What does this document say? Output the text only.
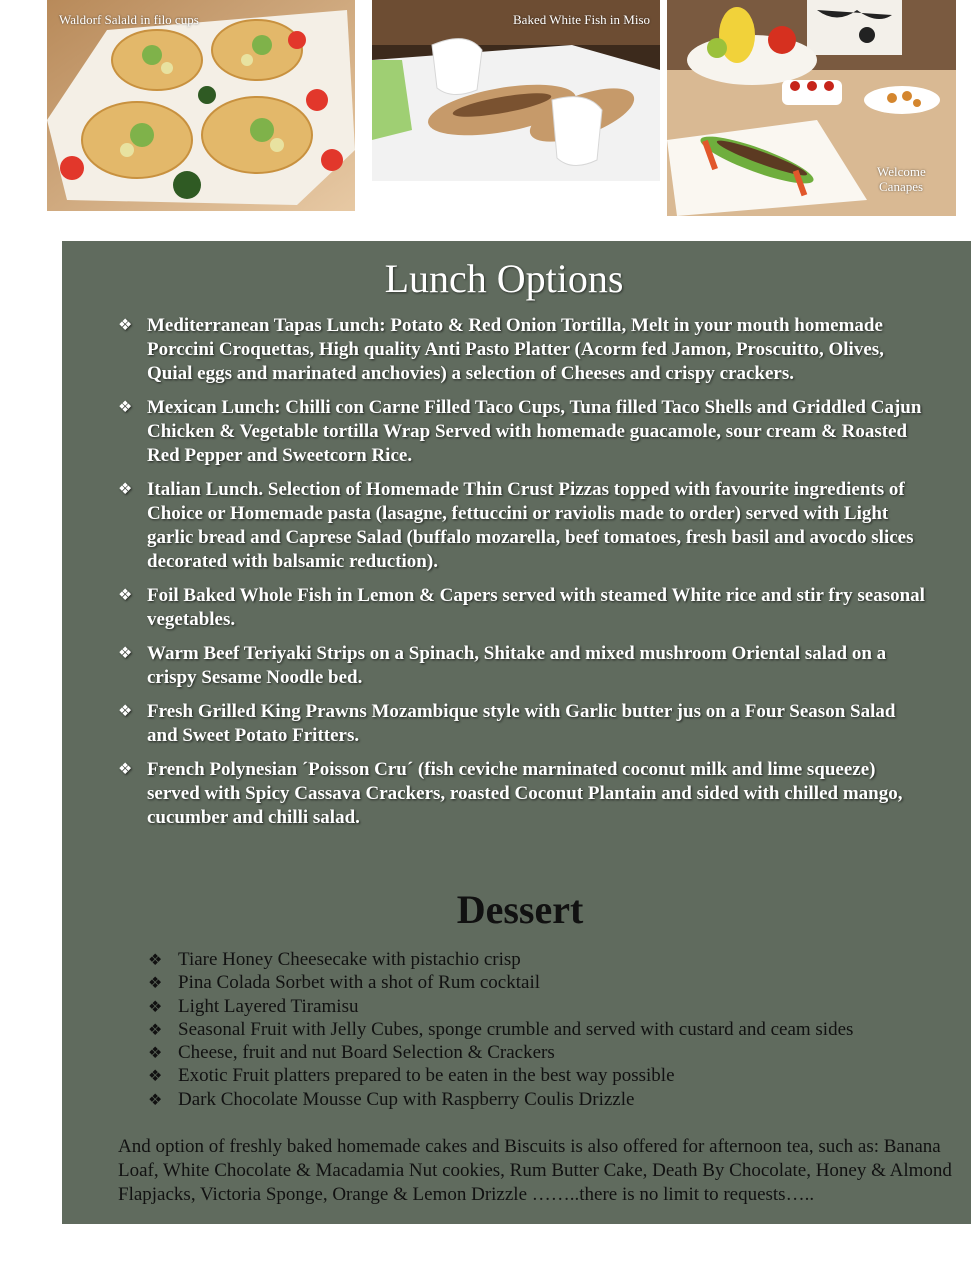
Waldorf Salald in filo cups	Baked White Fish in Miso
Welcome
Canapes
Lunch Options
❖ Mediterranean Tapas Lunch: Potato & Red Onion Tortilla, Melt in your mouth homemade Porccini Croquettas, High quality Anti Pasto Platter (Acorm fed Jamon, Proscuitto, Olives, Quial eggs and marinated anchovies) a selection of Cheeses and crispy crackers.
❖ Mexican Lunch: Chilli con Carne Filled Taco Cups, Tuna filled Taco Shells and Griddled Cajun Chicken & Vegetable tortilla Wrap Served with homemade guacamole, sour cream & Roasted Red Pepper and Sweetcorn Rice.
❖ Italian Lunch. Selection of Homemade Thin Crust Pizzas topped with favourite ingredients of Choice or Homemade pasta (lasagne, fettuccini or raviolis made to order) served with Light garlic bread and Caprese Salad (buffalo mozarella, beef tomatoes, fresh basil and avocdo slices decorated with balsamic reduction).
❖ Foil Baked Whole Fish in Lemon & Capers served with steamed White rice and stir fry seasonal vegetables.
❖ Warm Beef Teriyaki Strips on a Spinach, Shitake and mixed mushroom Oriental salad on a crispy Sesame Noodle bed.
❖ Fresh Grilled King Prawns Mozambique style with Garlic butter jus on a Four Season Salad and Sweet Potato Fritters.
❖ French Polynesian ´Poisson Cru´ (fish ceviche marninated coconut milk and lime squeeze) served with Spicy Cassava Crackers, roasted Coconut Plantain and sided with chilled mango, cucumber and chilli salad.
Dessert
❖ Tiare Honey Cheesecake with pistachio crisp
❖ Pina Colada Sorbet with a shot of Rum cocktail
❖ Light Layered Tiramisu
❖ Seasonal Fruit with Jelly Cubes, sponge crumble and served with custard and ceam sides
❖ Cheese, fruit and nut Board Selection & Crackers
❖ Exotic Fruit platters prepared to be eaten in the best way possible
❖ Dark Chocolate Mousse Cup with Raspberry Coulis Drizzle

And option of freshly baked homemade cakes and Biscuits is also offered for afternoon tea, such as: Banana Loaf, White Chocolate & Macadamia Nut cookies, Rum Butter Cake, Death By Chocolate, Honey & Almond Flapjacks, Victoria Sponge, Orange & Lemon Drizzle ……..there is no limit to requests…..
